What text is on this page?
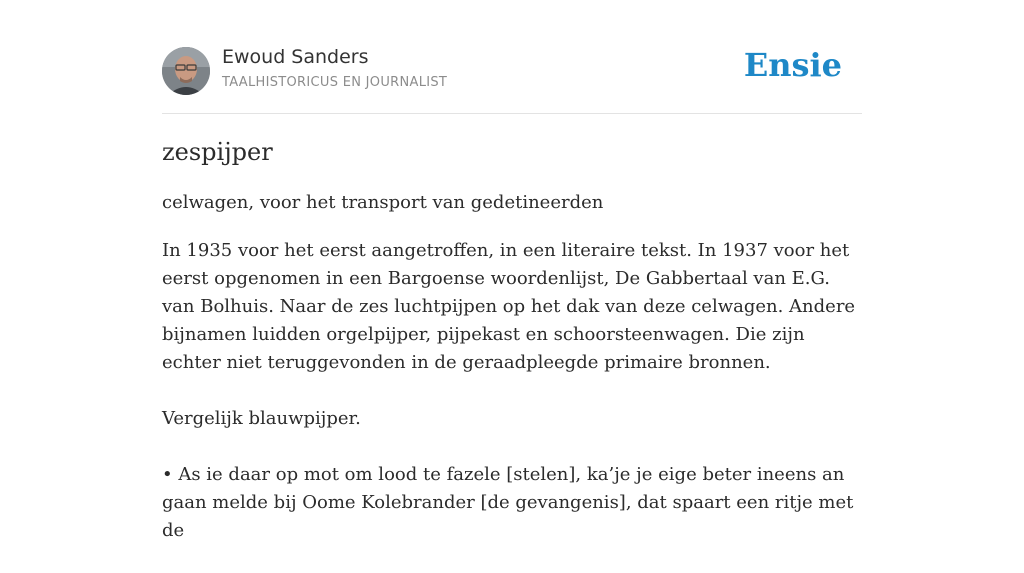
Ewoud Sanders
TAALHISTORICUS EN JOURNALIST	Ensie
zespijper
celwagen, voor het transport van gedetineerden

In 1935 voor het eerst aangetroffen, in een literaire tekst. In 1937 voor het eerst opgenomen in een Bargoense woordenlijst, De Gabbertaal van E.G. van Bolhuis. Naar de zes luchtpijpen op het dak van deze celwagen. Andere bijnamen luidden orgelpijper, pijpekast en schoorsteenwagen. Die zijn echter niet teruggevonden in de geraadpleegde primaire bronnen.

Vergelijk blauwpijper.

• As ie daar op mot om lood te fazele [stelen], ka’je je eige beter ineens an gaan melde bij Oome Kolebrander [de gevangenis], dat spaart een ritje met de
